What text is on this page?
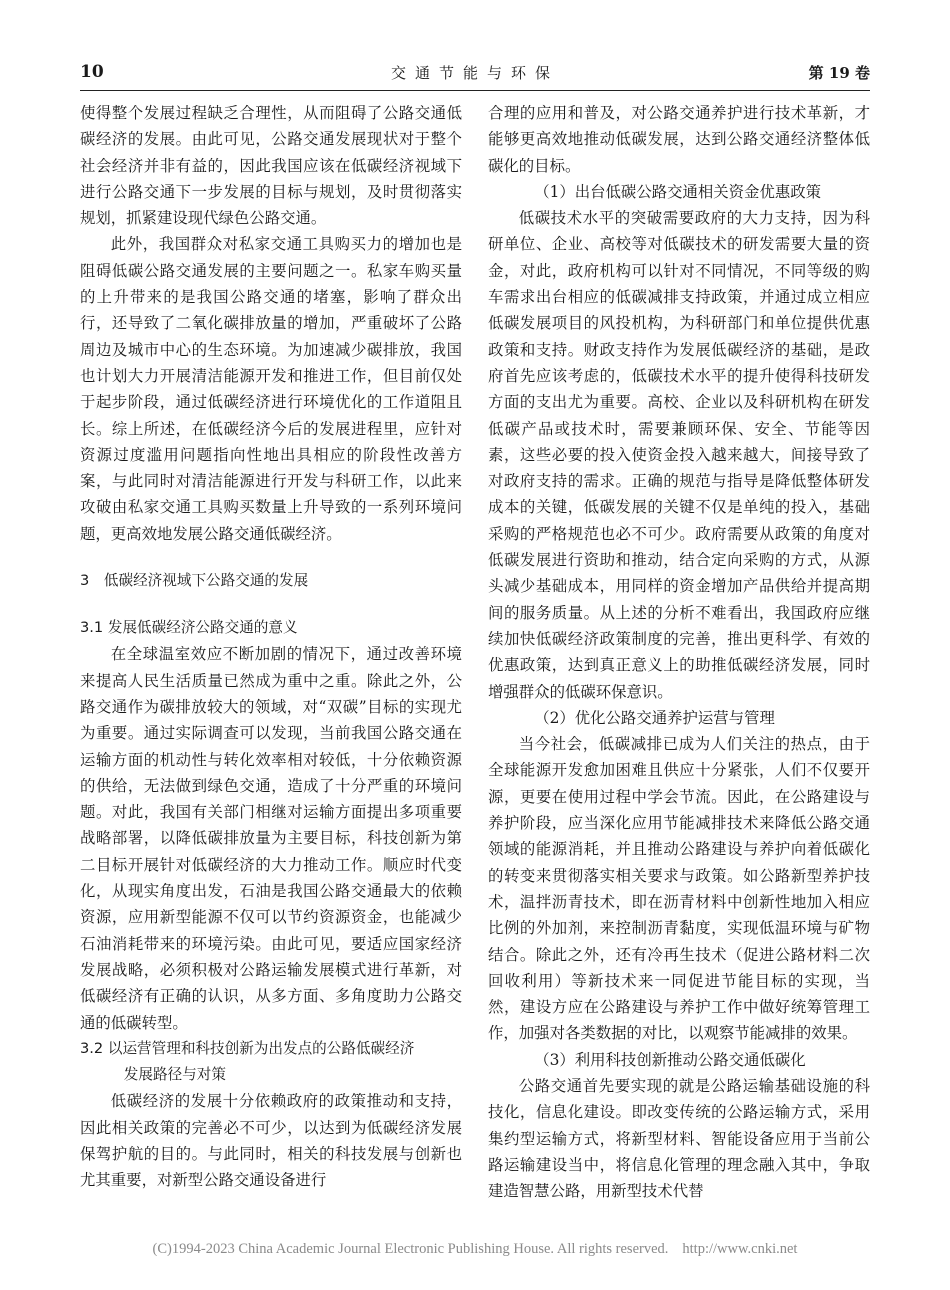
10	交通节能与环保	第 19 卷

使得整个发展过程缺乏合理性，从而阻碍了公路交通低碳经济的发展。由此可见，公路交通发展现状对于整个社会经济并非有益的，因此我国应该在低碳经济视域下进行公路交通下一步发展的目标与规划，及时贯彻落实规划，抓紧建设现代绿色公路交通。

此外，我国群众对私家交通工具购买力的增加也是阻碍低碳公路交通发展的主要问题之一。私家车购买量的上升带来的是我国公路交通的堵塞，影响了群众出行，还导致了二氧化碳排放量的增加，严重破坏了公路周边及城市中心的生态环境。为加速减少碳排放，我国也计划大力开展清洁能源开发和推进工作，但目前仅处于起步阶段，通过低碳经济进行环境优化的工作道阻且长。综上所述，在低碳经济今后的发展进程里，应针对资源过度滥用问题指向性地出具相应的阶段性改善方案，与此同时对清洁能源进行开发与科研工作，以此来攻破由私家交通工具购买数量上升导致的一系列环境问题，更高效地发展公路交通低碳经济。

3　低碳经济视域下公路交通的发展
3.1 发展低碳经济公路交通的意义

在全球温室效应不断加剧的情况下，通过改善环境来提高人民生活质量已然成为重中之重。除此之外，公路交通作为碳排放较大的领域，对“双碳”目标的实现尤为重要。通过实际调查可以发现，当前我国公路交通在运输方面的机动性与转化效率相对较低，十分依赖资源的供给，无法做到绿色交通，造成了十分严重的环境问题。对此，我国有关部门相继对运输方面提出多项重要战略部署，以降低碳排放量为主要目标，科技创新为第二目标开展针对低碳经济的大力推动工作。顺应时代变化，从现实角度出发，石油是我国公路交通最大的依赖资源，应用新型能源不仅可以节约资源资金，也能减少石油消耗带来的环境污染。由此可见，要适应国家经济发展战略，必须积极对公路运输发展模式进行革新，对低碳经济有正确的认识，从多方面、多角度助力公路交通的低碳转型。

3.2 以运营管理和科技创新为出发点的公路低碳经济
发展路径与对策

低碳经济的发展十分依赖政府的政策推动和支持，因此相关政策的完善必不可少，以达到为低碳经济发展保驾护航的目的。与此同时，相关的科技发展与创新也尤其重要，对新型公路交通设备进行

合理的应用和普及，对公路交通养护进行技术革新，才能够更高效地推动低碳发展，达到公路交通经济整体低碳化的目标。

（1）出台低碳公路交通相关资金优惠政策

低碳技术水平的突破需要政府的大力支持，因为科研单位、企业、高校等对低碳技术的研发需要大量的资金，对此，政府机构可以针对不同情况，不同等级的购车需求出台相应的低碳减排支持政策，并通过成立相应低碳发展项目的风投机构，为科研部门和单位提供优惠政策和支持。财政支持作为发展低碳经济的基础，是政府首先应该考虑的，低碳技术水平的提升使得科技研发方面的支出尤为重要。高校、企业以及科研机构在研发低碳产品或技术时，需要兼顾环保、安全、节能等因素，这些必要的投入使资金投入越来越大，间接导致了对政府支持的需求。正确的规范与指导是降低整体研发成本的关键，低碳发展的关键不仅是单纯的投入，基础采购的严格规范也必不可少。政府需要从政策的角度对低碳发展进行资助和推动，结合定向采购的方式，从源头减少基础成本，用同样的资金增加产品供给并提高期间的服务质量。从上述的分析不难看出，我国政府应继续加快低碳经济政策制度的完善，推出更科学、有效的优惠政策，达到真正意义上的助推低碳经济发展，同时增强群众的低碳环保意识。

（2）优化公路交通养护运营与管理

当今社会，低碳减排已成为人们关注的热点，由于全球能源开发愈加困难且供应十分紧张，人们不仅要开源，更要在使用过程中学会节流。因此，在公路建设与养护阶段，应当深化应用节能减排技术来降低公路交通领域的能源消耗，并且推动公路建设与养护向着低碳化的转变来贯彻落实相关要求与政策。如公路新型养护技术，温拌沥青技术，即在沥青材料中创新性地加入相应比例的外加剂，来控制沥青黏度，实现低温环境与矿物结合。除此之外，还有冷再生技术（促进公路材料二次回收利用）等新技术来一同促进节能目标的实现，当然，建设方应在公路建设与养护工作中做好统筹管理工作，加强对各类数据的对比，以观察节能减排的效果。

（3）利用科技创新推动公路交通低碳化

公路交通首先要实现的就是公路运输基础设施的科技化，信息化建设。即改变传统的公路运输方式，采用集约型运输方式，将新型材料、智能设备应用于当前公路运输建设当中，将信息化管理的理念融入其中，争取建造智慧公路，用新型技术代替

(C)1994-2023 China Academic Journal Electronic Publishing House. All rights reserved. http://www.cnki.net
